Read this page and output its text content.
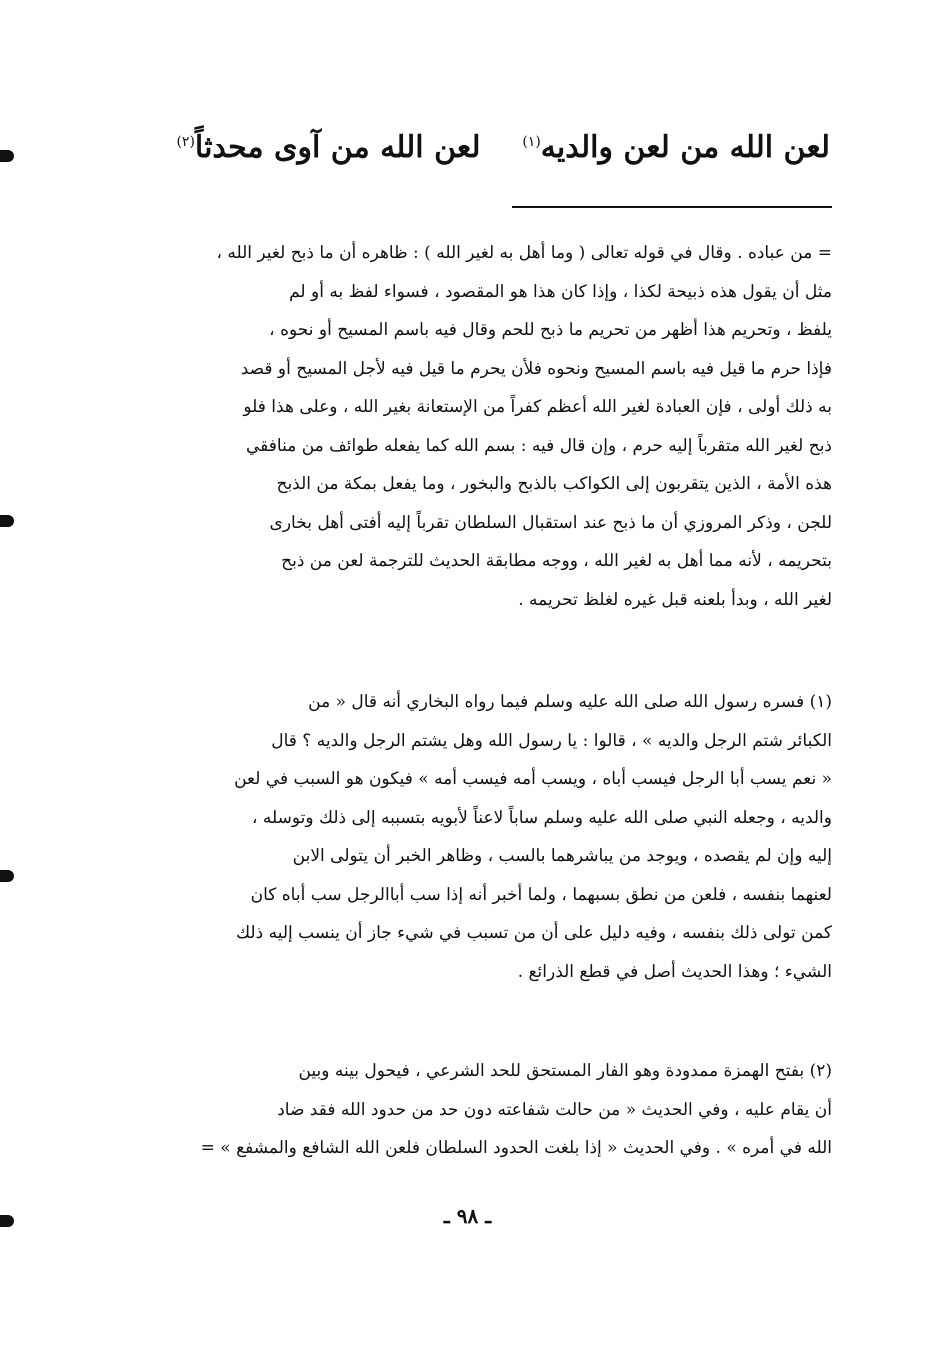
لعن الله من لعن والديه$^{(١)}$    لعن الله من آوى محدثاً$^{(٢)}$
= من عباده . وقال في قوله تعالى ( وما أهل به لغير الله ) : ظاهره أن ما ذبح لغير الله ،
مثل أن يقول هذه ذبيحة لكذا ، وإذا كان هذا هو المقصود ، فسواء لفظ به أو لم
يلفظ ، وتحريم هذا أظهر من تحريم ما ذبح للحم وقال فيه باسم المسيح أو نحوه ،
فإذا حرم ما قيل فيه باسم المسيح ونحوه فلأن يحرم ما قيل فيه لأجل المسيح أو قصد
به ذلك أولى ، فإن العبادة لغير الله أعظم كفراً من الإستعانة بغير الله ، وعلى هذا فلو
ذبح لغير الله متقرباً إليه حرم ، وإن قال فيه : بسم الله كما يفعله طوائف من منافقي
هذه الأمة ، الذين يتقربون إلى الكواكب بالذبح والبخور ، وما يفعل بمكة من الذبح
للجن ، وذكر المروزي أن ما ذبح عند استقبال السلطان تقرباً إليه أفتى أهل بخارى
بتحريمه ، لأنه مما أهل به لغير الله ، ووجه مطابقة الحديث للترجمة لعن من ذبح
لغير الله ، وبدأ بلعنه قبل غيره لغلظ تحريمه .
(١) فسره رسول الله صلى الله عليه وسلم فيما رواه البخاري أنه قال « من
الكبائر شتم الرجل والديه » ، قالوا : يا رسول الله وهل يشتم الرجل والديه ؟ قال
« نعم يسب أبا الرجل فيسب أباه ، ويسب أمه فيسب أمه » فيكون هو السبب في لعن
والديه ، وجعله النبي صلى الله عليه وسلم ساباً لاعناً لأبويه بتسببه إلى ذلك وتوسله ،
إليه وإن لم يقصده ، ويوجد من يباشرهما بالسب ، وظاهر الخبر أن يتولى الابن
لعنهما بنفسه ، فلعن من نطق بسبهما ، ولما أخبر أنه إذا سب أباالرجل سب أباه كان
كمن تولى ذلك بنفسه ، وفيه دليل على أن من تسبب في شيء جاز أن ينسب إليه ذلك
الشيء ؛ وهذا الحديث أصل في قطع الذرائع .
(٢) بفتح الهمزة ممدودة وهو الفار المستحق للحد الشرعي ، فيحول بينه وبين
أن يقام عليه ، وفي الحديث « من حالت شفاعته دون حد من حدود الله فقد ضاد
الله في أمره » . وفي الحديث « إذا بلغت الحدود السلطان فلعن الله الشافع والمشفع » =
ـ ٩٨ ـ
